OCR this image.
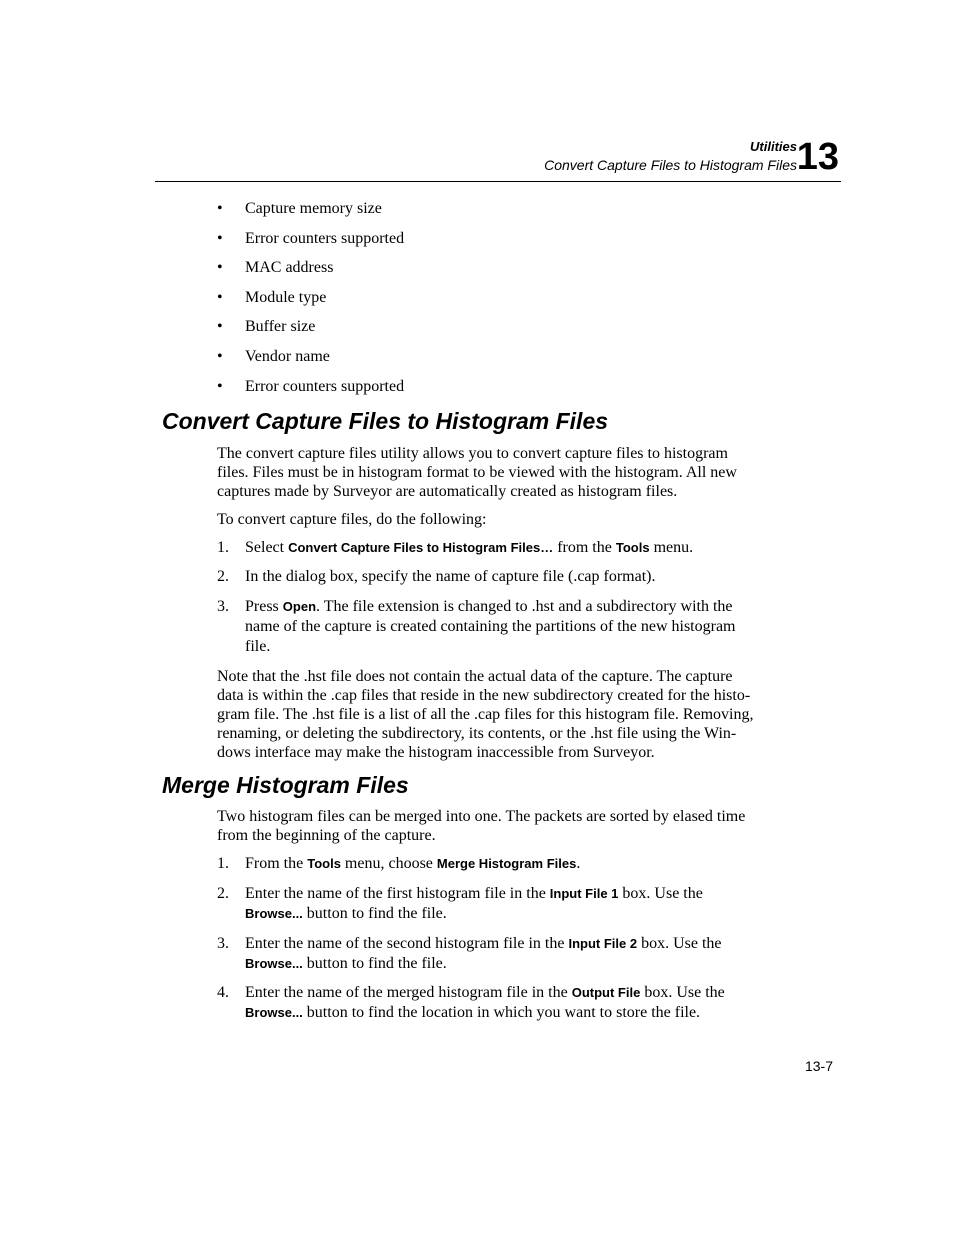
Utilities
Convert Capture Files to Histogram Files 13
• Capture memory size
• Error counters supported
• MAC address
• Module type
• Buffer size
• Vendor name
• Error counters supported
Convert Capture Files to Histogram Files
The convert capture files utility allows you to convert capture files to histogram
files. Files must be in histogram format to be viewed with the histogram. All new
captures made by Surveyor are automatically created as histogram files.
To convert capture files, do the following:
1. Select Convert Capture Files to Histogram Files… from the Tools menu.
2. In the dialog box, specify the name of capture file (.cap format).
3. Press Open. The file extension is changed to .hst and a subdirectory with the
name of the capture is created containing the partitions of the new histogram
file.
Note that the .hst file does not contain the actual data of the capture. The capture
data is within the .cap files that reside in the new subdirectory created for the histo-
gram file. The .hst file is a list of all the .cap files for this histogram file. Removing,
renaming, or deleting the subdirectory, its contents, or the .hst file using the Win-
dows interface may make the histogram inaccessible from Surveyor.
Merge Histogram Files
Two histogram files can be merged into one. The packets are sorted by elased time
from the beginning of the capture.
1. From the Tools menu, choose Merge Histogram Files.
2. Enter the name of the first histogram file in the Input File 1 box. Use the
Browse... button to find the file.
3. Enter the name of the second histogram file in the Input File 2 box. Use the
Browse... button to find the file.
4. Enter the name of the merged histogram file in the Output File box. Use the
Browse... button to find the location in which you want to store the file.
13-7
